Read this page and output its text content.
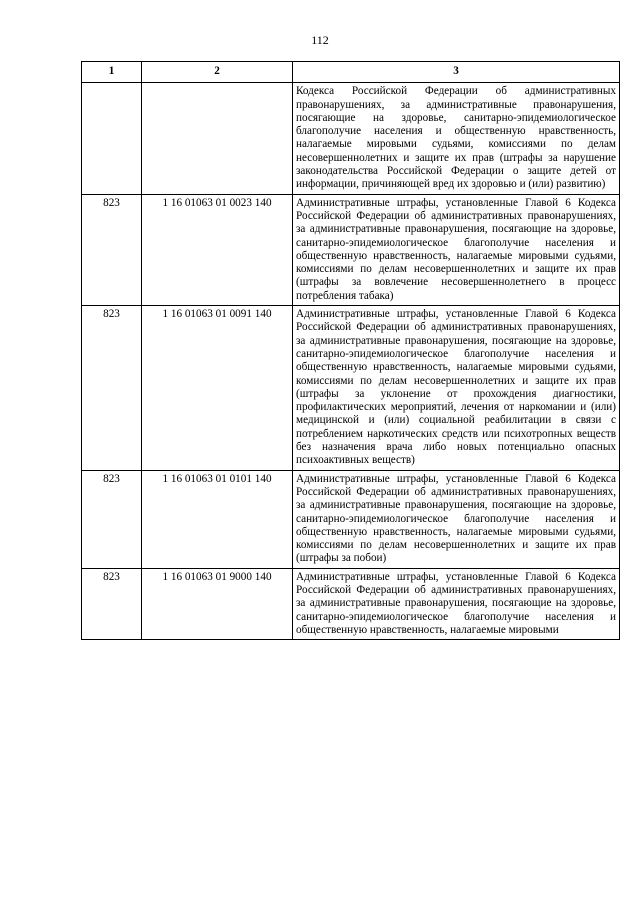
112
1	2	3
		Кодекса Российской Федерации об административных правонарушениях, за административные правонарушения, посягающие на здоровье, санитарно-эпидемиологическое благополучие населения и общественную нравственность, налагаемые мировыми судьями, комиссиями по делам несовершеннолетних и защите их прав (штрафы за нарушение законодательства Российской Федерации о защите детей от информации, причиняющей вред их здоровью и (или) развитию)
823	1 16 01063 01 0023 140	Административные штрафы, установленные Главой 6 Кодекса Российской Федерации об административных правонарушениях, за административные правонарушения, посягающие на здоровье, санитарно-эпидемиологическое благополучие населения и общественную нравственность, налагаемые мировыми судьями, комиссиями по делам несовершеннолетних и защите их прав (штрафы за вовлечение несовершеннолетнего в процесс потребления табака)
823	1 16 01063 01 0091 140	Административные штрафы, установленные Главой 6 Кодекса Российской Федерации об административных правонарушениях, за административные правонарушения, посягающие на здоровье, санитарно-эпидемиологическое благополучие населения и общественную нравственность, налагаемые мировыми судьями, комиссиями по делам несовершеннолетних и защите их прав (штрафы за уклонение от прохождения диагностики, профилактических мероприятий, лечения от наркомании и (или) медицинской и (или) социальной реабилитации в связи с потреблением наркотических средств или психотропных веществ без назначения врача либо новых потенциально опасных психоактивных веществ)
823	1 16 01063 01 0101 140	Административные штрафы, установленные Главой 6 Кодекса Российской Федерации об административных правонарушениях, за административные правонарушения, посягающие на здоровье, санитарно-эпидемиологическое благополучие населения и общественную нравственность, налагаемые мировыми судьями, комиссиями по делам несовершеннолетних и защите их прав (штрафы за побои)
823	1 16 01063 01 9000 140	Административные штрафы, установленные Главой 6 Кодекса Российской Федерации об административных правонарушениях, за административные правонарушения, посягающие на здоровье, санитарно-эпидемиологическое благополучие населения и общественную нравственность, налагаемые мировыми
